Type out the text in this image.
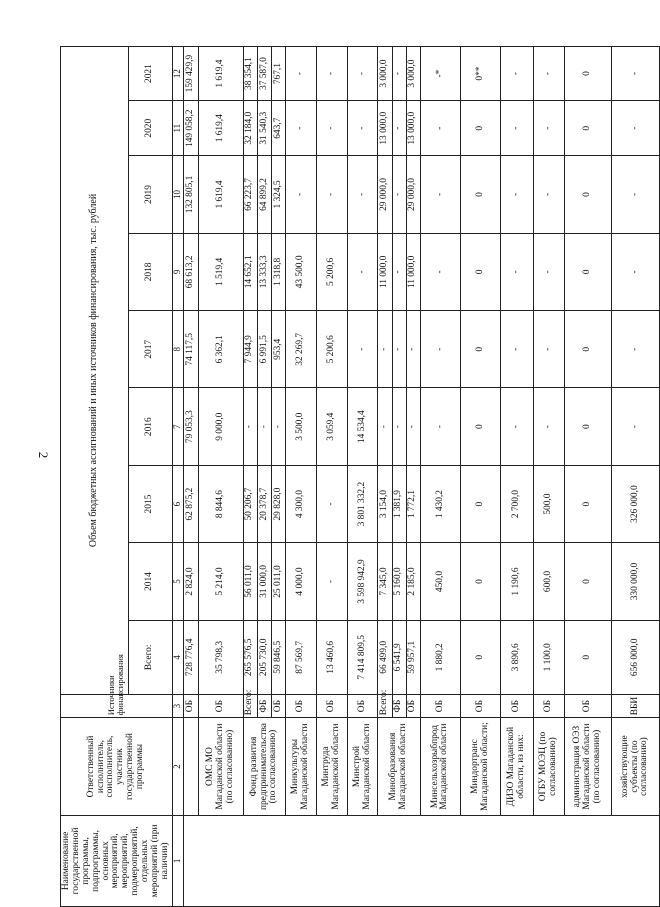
2
Наименование государственной программы, подпрограммы, основных мероприятий, мероприятий, подмероприятий, отдельных мероприятий (при наличии)	Ответственный исполнитель, соисполнитель, участник государственной программы	Источники финансирования	Объем бюджетных ассигнований и иных источников финансирования, тыс. рублей								
			Всего:	2014	2015	2016	2017	2018	2019	2020	2021
1	2	3	4	5	6	7	8	9	10	11	12
		ОБ	728 776,4	2 824,0	62 875,2	79 053,3	74 117,5	68 613,2	132 805,1	149 058,2	159 429,9
	ОМС МО Магаданской области (по согласованию)	ОБ	35 798,3	5 214,0	8 844,6	9 000,0	6 362,1	1 519,4	1 619,4	1 619,4	1 619,4
	Фонд развития предпринимательства (по согласованию)	Всего:	265 576,5	56 011,0	50 206,7	-	7 944,9	14 652,1	66 223,7	32 184,0	38 354,1
		ФБ	205 730,0	31 000,0	20 378,7	-	6 991,5	13 333,3	64 899,2	31 540,3	37 587,0
		ОБ	59 846,5	25 011,0	29 828,0	-	953,4	1 318,8	1 324,5	643,7	767,1
	Минкультуры Магаданской области	ОБ	87 569,7	4 000,0	4 300,0	3 500,0	32 269,7	43 500,0	-	-	-
	Минтруда Магаданской области	ОБ	13 460,6	-	-	3 059,4	5 200,6	5 200,6	-	-	-
	Минстрой Магаданской области	ОБ	7 414 809,5	3 598 942,9	3 801 332,2	14 534,4	-	-	-	-	-
	Минобразования Магаданской области	Всего:	66 499,0	7 345,0	3 154,0	-	-	11 000,0	29 000,0	13 000,0	3 000,0
		ФБ	6 541,9	5 160,0	1 381,9	-	-	-	-	-	-
		ОБ	59 957,1	2 185,0	1 772,1	-	-	11 000,0	29 000,0	13 000,0	3 000,0
	Минсельхозрыбпрод Магаданской области	ОБ	1 880,2	450,0	1 430,2	-	-	-	-	-	-*
	Миндортранс Магаданской области;	ОБ	0	0	0	0	0	0	0	0	0**
	ДИЗО Магаданской области, из них:	ОБ	3 890,6	1 190,6	2 700,0	-	-	-	-	-	-
	ОГБУ МОЭЦ (по согласованию)	ОБ	1 100,0	600,0	500,0	-	-	-	-	-	-
	администрация ОЭЗ Магаданской области (по согласованию)	ОБ	0	0	0	0	0	0	0	0	0
	хозяйствующие субъекты (по согласованию)	ВБИ	656 000,0	330 000,0	326 000,0	-	-	-	-	-	-
